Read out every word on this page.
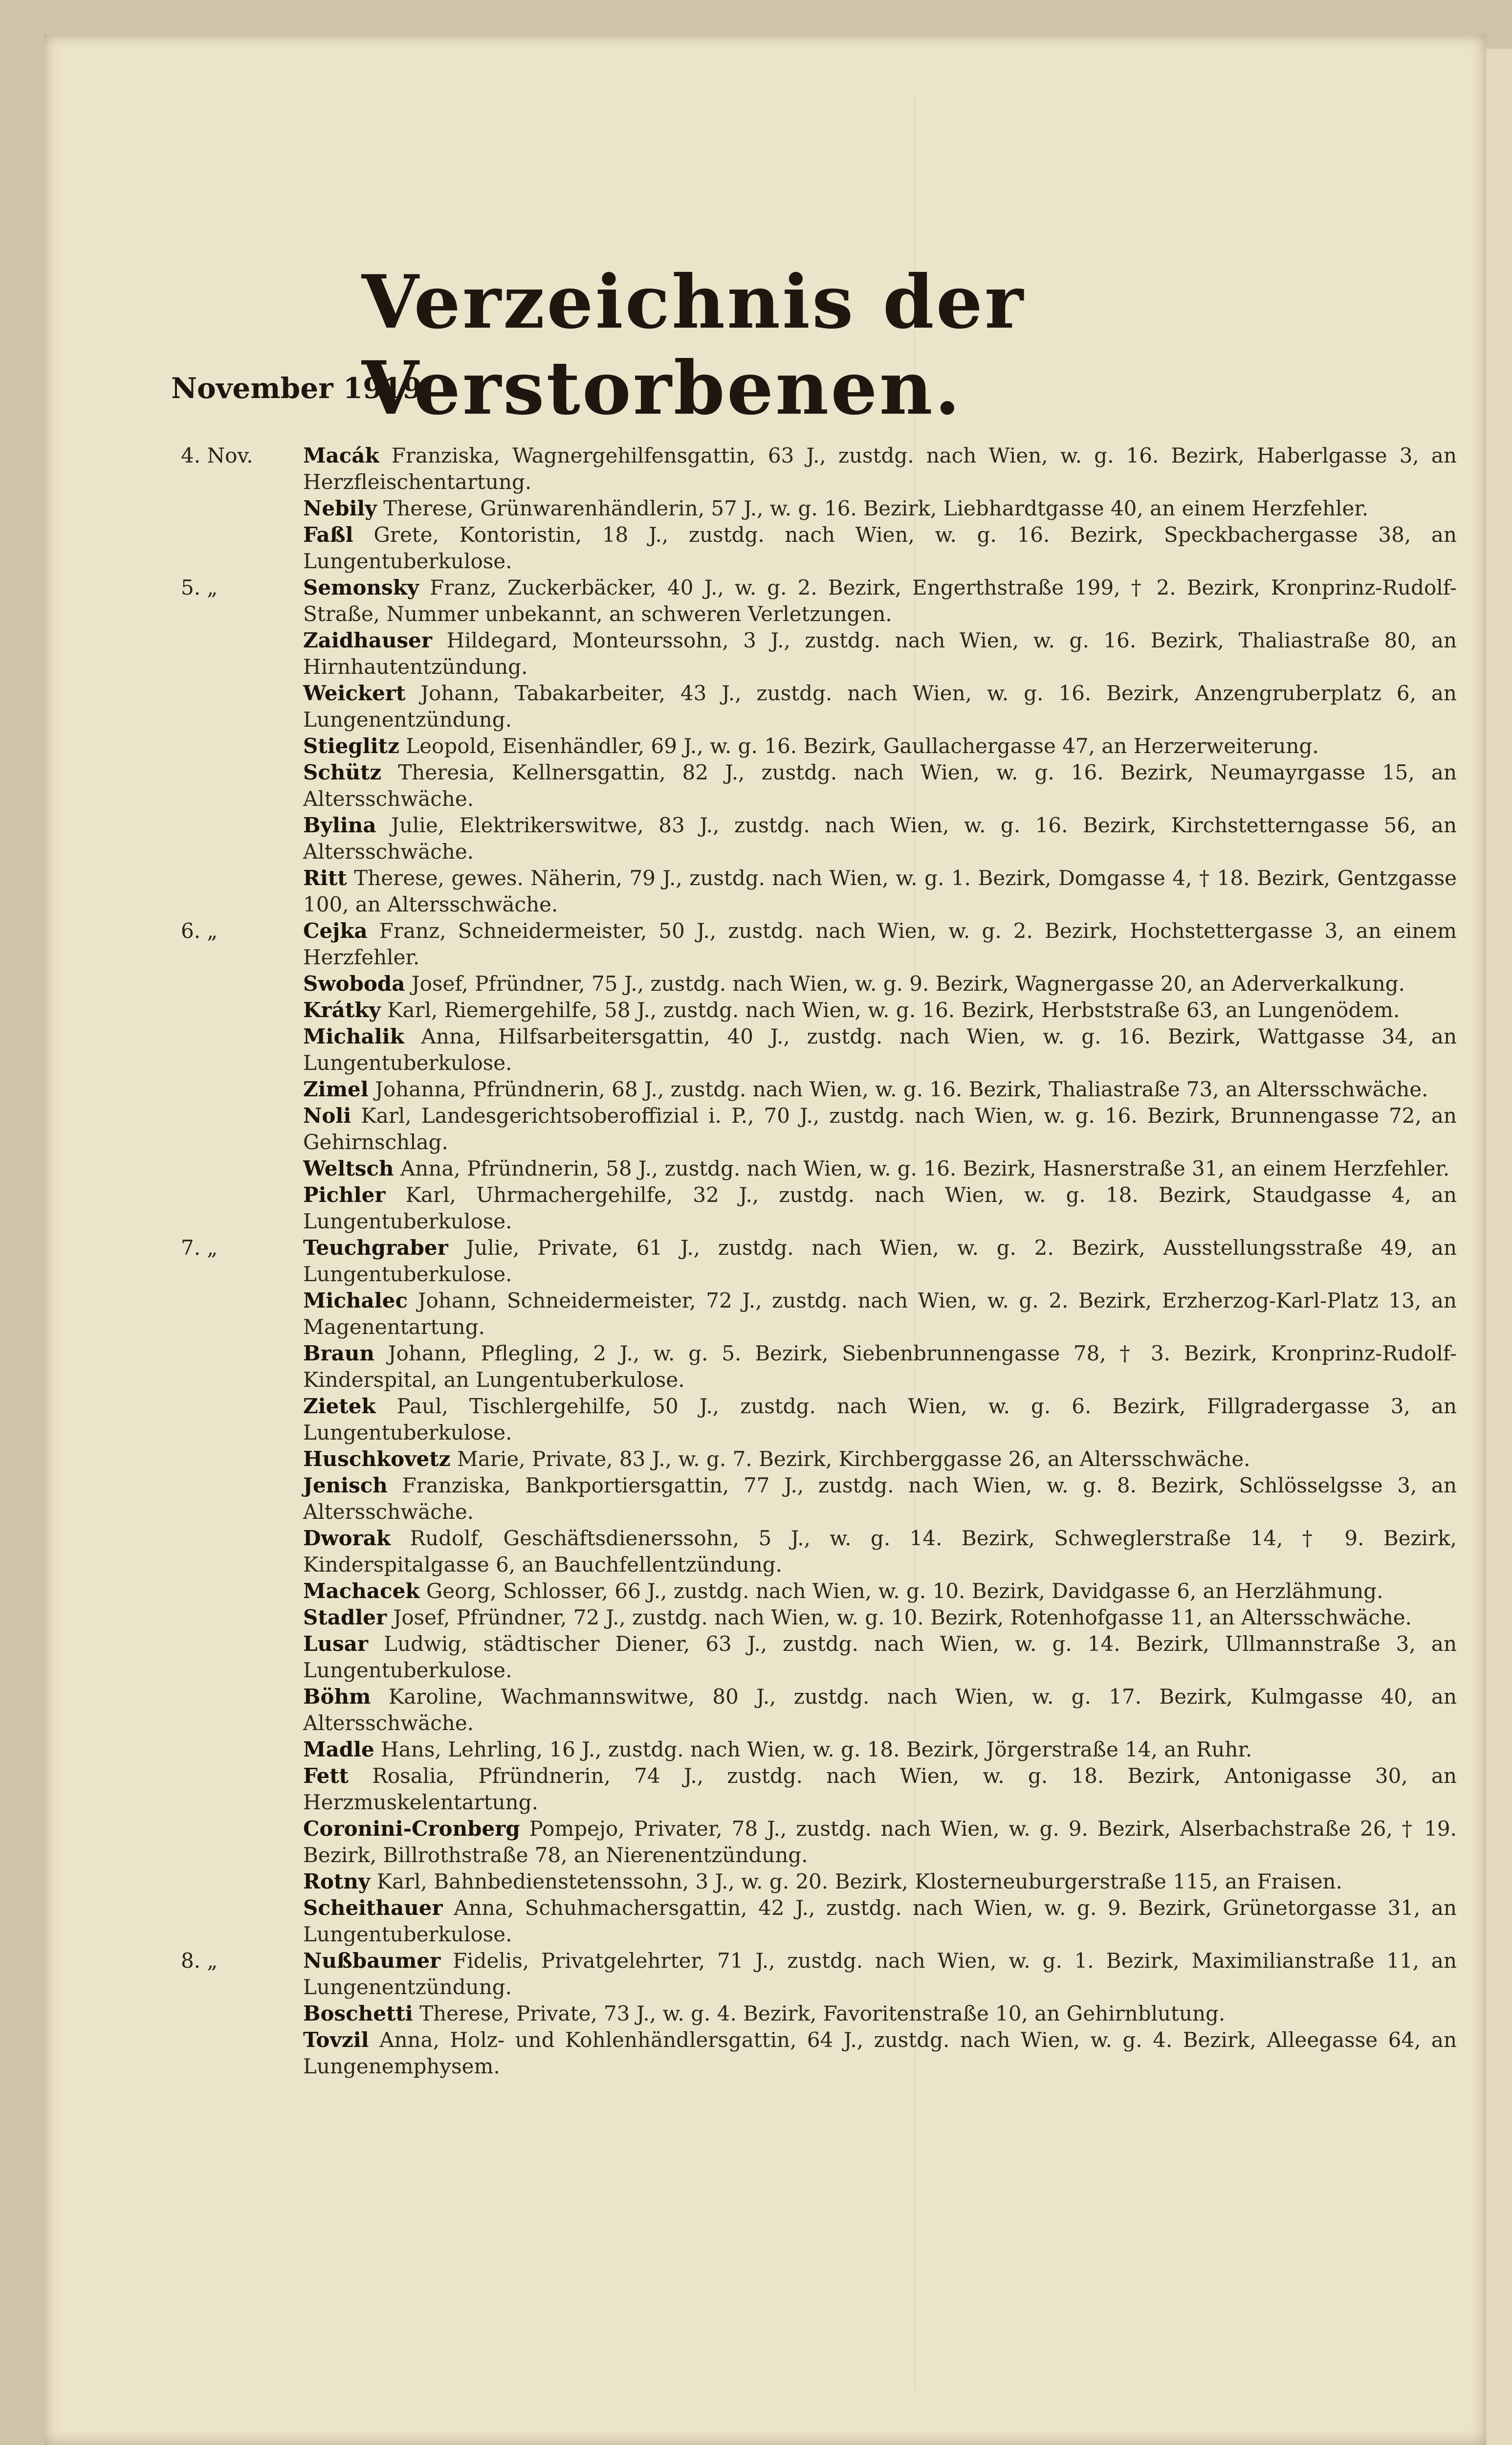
Verzeichnis der Verstorbenen.
November 1919.
4. Nov.	Macák Franziska, Wagnergehilfensgattin, 63 J., zustdg. nach Wien, w. g. 16. Bezirk, Haberlgasse 3, an Herzfleischentartung.
Nebily Therese, Grünwarenhändlerin, 57 J., w. g. 16. Bezirk, Liebhardtgasse 40, an einem Herzfehler.
Faßl Grete, Kontoristin, 18 J., zustdg. nach Wien, w. g. 16. Bezirk, Speckbachergasse 38, an Lungentuberkulose.
5. „	Semonsky Franz, Zuckerbäcker, 40 J., w. g. 2. Bezirk, Engerthstraße 199, † 2. Bezirk, Kronprinz-Rudolf-Straße, Nummer unbekannt, an schweren Verletzungen.
Zaidhauser Hildegard, Monteurssohn, 3 J., zustdg. nach Wien, w. g. 16. Bezirk, Thaliastraße 80, an Hirnhautentzündung.
Weickert Johann, Tabakarbeiter, 43 J., zustdg. nach Wien, w. g. 16. Bezirk, Anzengruberplatz 6, an Lungenentzündung.
Stieglitz Leopold, Eisenhändler, 69 J., w. g. 16. Bezirk, Gaullachergasse 47, an Herzerweiterung.
Schütz Theresia, Kellnersgattin, 82 J., zustdg. nach Wien, w. g. 16. Bezirk, Neumayrgasse 15, an Altersschwäche.
Bylina Julie, Elektrikerswitwe, 83 J., zustdg. nach Wien, w. g. 16. Bezirk, Kirchstetterngasse 56, an Altersschwäche.
Ritt Therese, gewes. Näherin, 79 J., zustdg. nach Wien, w. g. 1. Bezirk, Domgasse 4, † 18. Bezirk, Gentzgasse 100, an Altersschwäche.
6. „	Cejka Franz, Schneidermeister, 50 J., zustdg. nach Wien, w. g. 2. Bezirk, Hochstettergasse 3, an einem Herzfehler.
Swoboda Josef, Pfründner, 75 J., zustdg. nach Wien, w. g. 9. Bezirk, Wagnergasse 20, an Aderverkalkung.
Krátky Karl, Riemergehilfe, 58 J., zustdg. nach Wien, w. g. 16. Bezirk, Herbststraße 63, an Lungenödem.
Michalik Anna, Hilfsarbeitersgattin, 40 J., zustdg. nach Wien, w. g. 16. Bezirk, Wattgasse 34, an Lungentuberkulose.
Zimel Johanna, Pfründnerin, 68 J., zustdg. nach Wien, w. g. 16. Bezirk, Thaliastraße 73, an Altersschwäche.
Noli Karl, Landesgerichtsoberoffizial i. P., 70 J., zustdg. nach Wien, w. g. 16. Bezirk, Brunnengasse 72, an Gehirnschlag.
Weltsch Anna, Pfründnerin, 58 J., zustdg. nach Wien, w. g. 16. Bezirk, Hasnerstraße 31, an einem Herzfehler.
Pichler Karl, Uhrmachergehilfe, 32 J., zustdg. nach Wien, w. g. 18. Bezirk, Staudgasse 4, an Lungentuberkulose.
7. „	Teuchgraber Julie, Private, 61 J., zustdg. nach Wien, w. g. 2. Bezirk, Ausstellungsstraße 49, an Lungentuberkulose.
Michalec Johann, Schneidermeister, 72 J., zustdg. nach Wien, w. g. 2. Bezirk, Erzherzog-Karl-Platz 13, an Magenentartung.
Braun Johann, Pflegling, 2 J., w. g. 5. Bezirk, Siebenbrunnengasse 78, † 3. Bezirk, Kronprinz-Rudolf-Kinderspital, an Lungentuberkulose.
Zietek Paul, Tischlergehilfe, 50 J., zustdg. nach Wien, w. g. 6. Bezirk, Fillgradergasse 3, an Lungentuberkulose.
Huschkovetz Marie, Private, 83 J., w. g. 7. Bezirk, Kirchberggasse 26, an Altersschwäche.
Jenisch Franziska, Bankportiersgattin, 77 J., zustdg. nach Wien, w. g. 8. Bezirk, Schlösselgsse 3, an Altersschwäche.
Dworak Rudolf, Geschäftsdienerssohn, 5 J., w. g. 14. Bezirk, Schweglerstraße 14, † 9. Bezirk, Kinderspitalgasse 6, an Bauchfellentzündung.
Machacek Georg, Schlosser, 66 J., zustdg. nach Wien, w. g. 10. Bezirk, Davidgasse 6, an Herzlähmung.
Stadler Josef, Pfründner, 72 J., zustdg. nach Wien, w. g. 10. Bezirk, Rotenhofgasse 11, an Altersschwäche.
Lusar Ludwig, städtischer Diener, 63 J., zustdg. nach Wien, w. g. 14. Bezirk, Ullmannstraße 3, an Lungentuberkulose.
Böhm Karoline, Wachmannswitwe, 80 J., zustdg. nach Wien, w. g. 17. Bezirk, Kulmgasse 40, an Altersschwäche.
Madle Hans, Lehrling, 16 J., zustdg. nach Wien, w. g. 18. Bezirk, Jörgerstraße 14, an Ruhr.
Fett Rosalia, Pfründnerin, 74 J., zustdg. nach Wien, w. g. 18. Bezirk, Antonigasse 30, an Herzmuskelentartung.
Coronini-Cronberg Pompejo, Privater, 78 J., zustdg. nach Wien, w. g. 9. Bezirk, Alserbachstraße 26, † 19. Bezirk, Billrothstraße 78, an Nierenentzündung.
Rotny Karl, Bahnbedienstetenssohn, 3 J., w. g. 20. Bezirk, Klosterneuburgerstraße 115, an Fraisen.
Scheithauer Anna, Schuhmachersgattin, 42 J., zustdg. nach Wien, w. g. 9. Bezirk, Grünetorgasse 31, an Lungentuberkulose.
8. „	Nußbaumer Fidelis, Privatgelehrter, 71 J., zustdg. nach Wien, w. g. 1. Bezirk, Maximilianstraße 11, an Lungenentzündung.
Boschetti Therese, Private, 73 J., w. g. 4. Bezirk, Favoritenstraße 10, an Gehirnblutung.
Tovzil Anna, Holz- und Kohlenhändlersgattin, 64 J., zustdg. nach Wien, w. g. 4. Bezirk, Alleegasse 64, an Lungenemphysem.
